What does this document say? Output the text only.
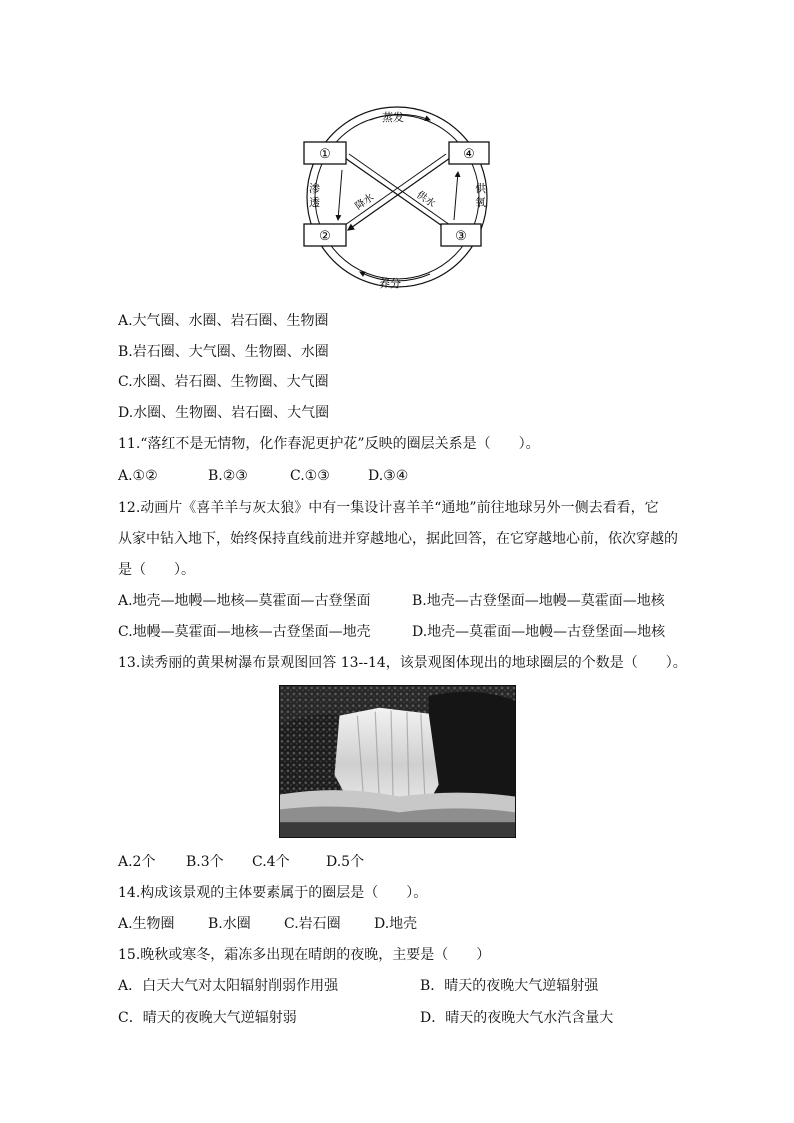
①	④
②	③
蒸发
养分
渗
透
供
氧
降水	供水
A.大气圈、水圈、岩石圈、生物圈
B.岩石圈、大气圈、生物圈、水圈
C.水圈、岩石圈、生物圈、大气圈
D.水圈、生物圈、岩石圈、大气圈
11.“落红不是无情物，化作春泥更护花”反映的圈层关系是（　　）。
A.①②	B.②③	C.①③	D.③④
12.动画片《喜羊羊与灰太狼》中有一集设计喜羊羊“通地”前往地球另外一侧去看看，它
从家中钻入地下，始终保持直线前进并穿越地心，据此回答，在它穿越地心前，依次穿越的
是（　　）。
A.地壳—地幔—地核—莫霍面—古登堡面	B.地壳—古登堡面—地幔—莫霍面—地核
C.地幔—莫霍面—地核—古登堡面—地壳	D.地壳—莫霍面—地幔—古登堡面—地核
13.读秀丽的黄果树瀑布景观图回答 13--14，该景观图体现出的地球圈层的个数是（　　）。
A.2个 B.3个 C.4个	D.5个
14.构成该景观的主体要素属于的圈层是（　　）。
A.生物圈 B.水圈 C.岩石圈 D.地壳
15.晚秋或寒冬，霜冻多出现在晴朗的夜晚，主要是（　　）
A．白天大气对太阳辐射削弱作用强	B．晴天的夜晚大气逆辐射强
C．晴天的夜晚大气逆辐射弱	D．晴天的夜晚大气水汽含量大
